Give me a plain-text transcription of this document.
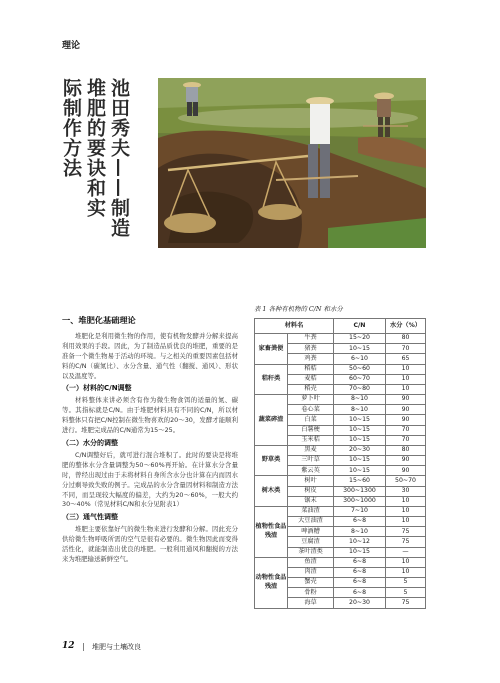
理论
池田秀夫——制造
堆肥的要诀和实
际制作方法
一、堆肥化基础理论

堆肥化是利用微生物的作用，使有机物发酵并分解来提高利用效果的手段。因此，为了制造品质优良的堆肥，重要的是准备一个微生物易于活动的环境。与之相关的重要因素包括材料的C/N（碳氮比）、水分含量、通气性（翻搅、通风）、形状以及温度等。

（一）材料的C/N调整

材料整体来讲必须含有作为微生物食饵的适量的氮、碳等。其指标就是C/N。由于堆肥材料具有不同的C/N，所以材料整体只有把C/N控制在微生物喜欢的20～30，发酵才能顺利进行。堆肥完成品的C/N通常为15～25。

（二）水分的调整

C/N调整好后，就可进行混合堆积了。此时的要诀是将堆肥的整体水分含量调整为50～60%再开始。在计算水分含量时，曾经出现过由于未将材料自身所含水分也计算在内而因水分过剩导致失败的例子。完成品的水分含量因材料和制造方法不同，而呈现较大幅度的偏差，大约为20～60%，一般大约30～40%（常见材料C/N和水分见附表1）

（三）通气性调整

堆肥主要依靠好气的微生物来进行发酵和分解。因此充分供给微生物呼吸所需的空气是很有必要的。微生物因此而变得活性化，就能制造出优良的堆肥。一般利用通风和翻搅的方法来为堆肥输送新鲜空气。

表 1 各种有机物的 C/N 和水分
材料名		C/N	水分（%）
家畜粪便	牛粪	15~20	80
	猪粪	10~15	70
	鸡粪	6~10	65
秸秆类	稻秸	50~60	10
	麦秸	60~70	10
	稻壳	70~80	10
蔬菜碎渣	萝卜叶	8~10	90
	卷心菜	8~10	90
	白菜	10~15	90
	白薯梗	10~15	70
	玉米秸	10~15	70
野草类	黑麦	20~30	80
	三叶草	10~15	90
	紫云英	10~15	90
树木类	树叶	15~60	50~70
	树皮	300~1300	30
	锯末	300~1000	10
植物性食品残渣	菜油渣	7~10	10
	大豆油渣	6~8	10
	啤酒糟	8~10	75
	豆腐渣	10~12	75
	茶叶渣类	10~15	—
动物性食品残渣	鱼渣	6~8	10
	肉渣	6~8	10
	蟹壳	6~8	5
	骨粉	6~8	5
	海草	20~30	75
12 | 堆肥与土壤改良
